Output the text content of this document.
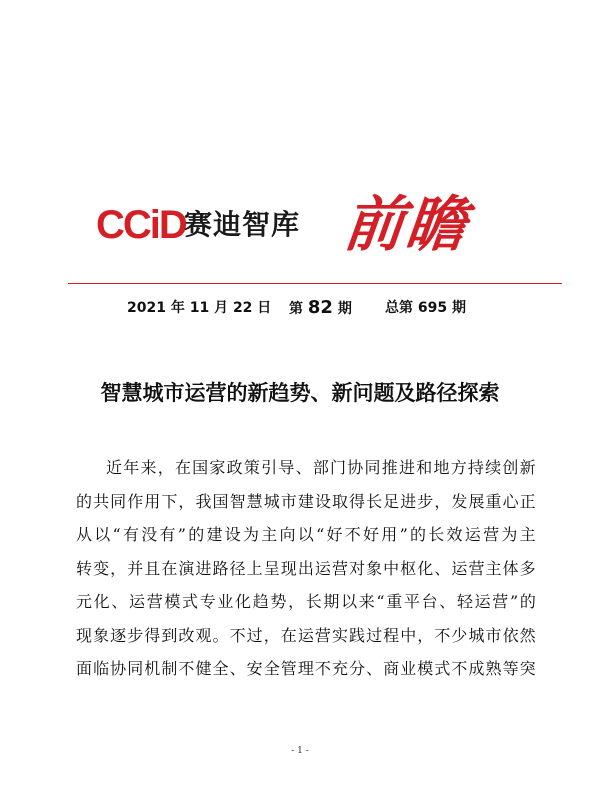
CCiD
赛迪智库 前瞻
2021 年 11 月 22 日 第 82 期 总第 695 期
智慧城市运营的新趋势、新问题及路径探索
近 年 来 ， 在 国 家 政 策 引 导 、 部 门 协 同 推 进 和 地 方 持 续 创 新
的 共 同 作 用 下 ， 我 国 智 慧 城 市 建 设 取 得 长 足 进 步 ， 发 展 重 心 正
从 以 “ 有 没 有 ” 的 建 设 为 主 向 以 “ 好 不 好 用 ” 的 长 效 运 营 为 主
转 变 ， 并 且 在 演 进 路 径 上 呈 现 出 运 营 对 象 中 枢 化 、 运 营 主 体 多
元 化 、 运 营 模 式 专 业 化 趋 势 ， 长 期 以 来 “ 重 平 台 、 轻 运 营 ” 的
现 象 逐 步 得 到 改 观 。 不 过 ， 在 运 营 实 践 过 程 中 ， 不 少 城 市 依 然
面 临 协 同 机 制 不 健 全 、 安 全 管 理 不 充 分 、 商 业 模 式 不 成 熟 等 突
- 1 -
